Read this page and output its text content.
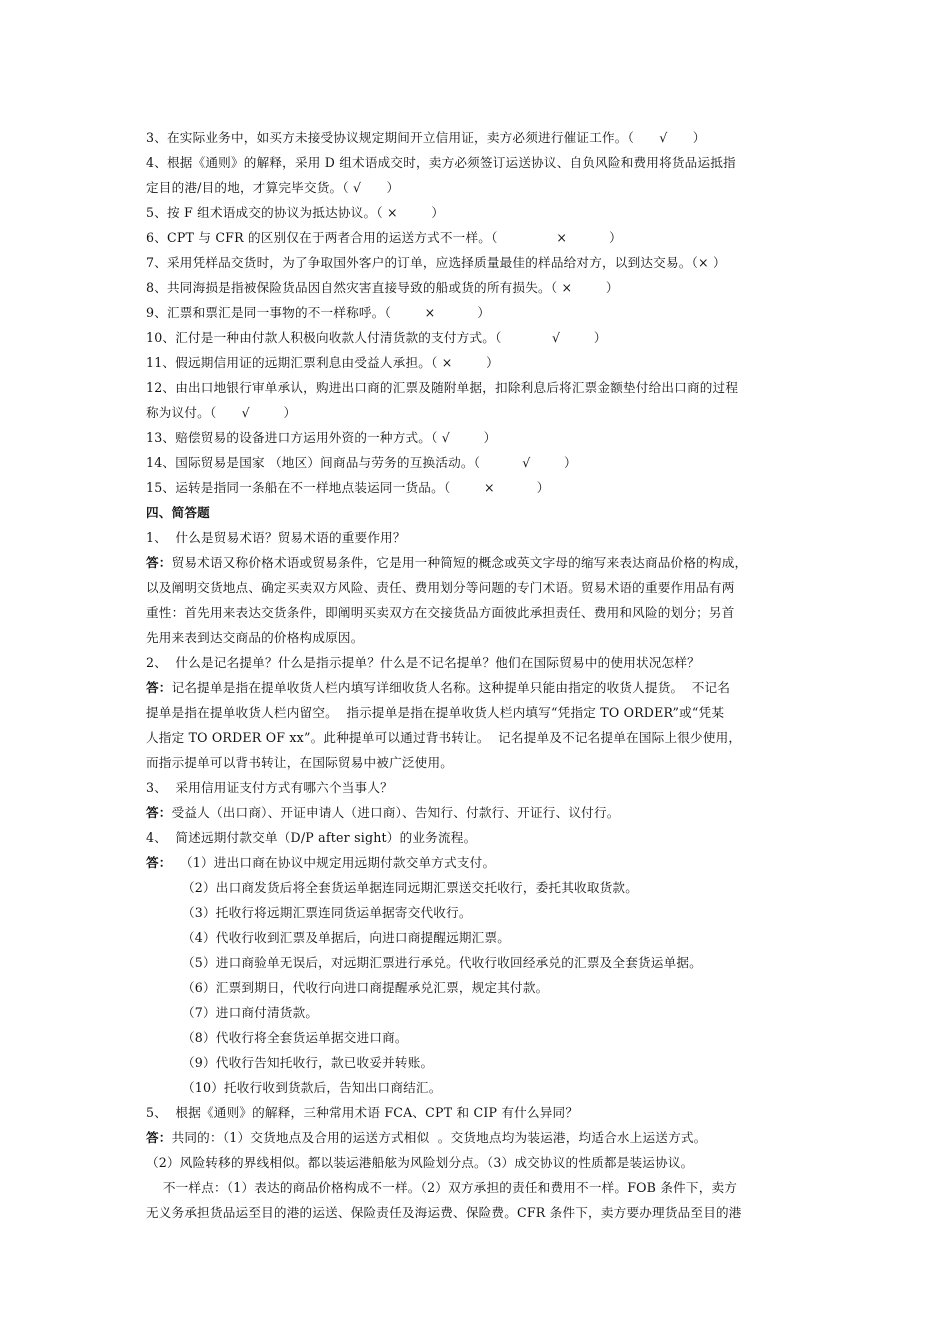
3、在实际业务中，如买方未接受协议规定期间开立信用证，卖方必须进行催证工作。（      √      ）
4、根据《通则》的解释，采用 D 组术语成交时，卖方必须签订运送协议、自负风险和费用将货品运抵指
定目的港/目的地，才算完毕交货。（ √      ）
5、按 F 组术语成交的协议为抵达协议。（ ×        ）
6、CPT 与 CFR 的区别仅在于两者合用的运送方式不一样。（              ×          ）
7、采用凭样品交货时，为了争取国外客户的订单，应选择质量最佳的样品给对方，以到达交易。（× ）
8、共同海损是指被保险货品因自然灾害直接导致的船或货的所有损失。（ ×        ）
9、汇票和票汇是同一事物的不一样称呼。（        ×          ）
10、汇付是一种由付款人积极向收款人付清货款的支付方式。（            √        ）
11、假远期信用证的远期汇票利息由受益人承担。（ ×        ）
12、由出口地银行审单承认，购进出口商的汇票及随附单据，扣除利息后将汇票金额垫付给出口商的过程
称为议付。（      √        ）
13、赔偿贸易的设备进口方运用外资的一种方式。（ √        ）
14、国际贸易是国家 （地区）间商品与劳务的互换活动。（          √        ）
15、运转是指同一条船在不一样地点装运同一货品。（        ×          ）
四、简答题
1、  什么是贸易术语？贸易术语的重要作用？
答：贸易术语又称价格术语或贸易条件，它是用一种简短的概念或英文字母的缩写来表达商品价格的构成，
以及阐明交货地点、确定买卖双方风险、责任、费用划分等问题的专门术语。贸易术语的重要作用品有两
重性：首先用来表达交货条件，即阐明买卖双方在交接货品方面彼此承担责任、费用和风险的划分；另首
先用来表到达交商品的价格构成原因。
2、  什么是记名提单？什么是指示提单？什么是不记名提单？他们在国际贸易中的使用状况怎样？
答：记名提单是指在提单收货人栏内填写详细收货人名称。这种提单只能由指定的收货人提货。  不记名
提单是指在提单收货人栏内留空。  指示提单是指在提单收货人栏内填写“凭指定 TO ORDER”或“凭某
人指定 TO ORDER OF xx”。此种提单可以通过背书转让。  记名提单及不记名提单在国际上很少使用，
而指示提单可以背书转让，在国际贸易中被广泛使用。
3、  采用信用证支付方式有哪六个当事人？
答：受益人（出口商）、开证申请人（进口商）、告知行、付款行、开证行、议付行。
4、  简述远期付款交单（D/P after sight）的业务流程。
答：  （1）进出口商在协议中规定用远期付款交单方式支付。
（2）出口商发货后将全套货运单据连同远期汇票送交托收行，委托其收取货款。
（3）托收行将远期汇票连同货运单据寄交代收行。
（4）代收行收到汇票及单据后，向进口商提醒远期汇票。
（5）进口商验单无误后，对远期汇票进行承兑。代收行收回经承兑的汇票及全套货运单据。
（6）汇票到期日，代收行向进口商提醒承兑汇票，规定其付款。
（7）进口商付清货款。
（8）代收行将全套货运单据交进口商。
（9）代收行告知托收行，款已收妥并转账。
（10）托收行收到货款后，告知出口商结汇。
5、  根据《通则》的解释，三种常用术语 FCA、CPT 和 CIP 有什么异同？
答：共同的：（1）交货地点及合用的运送方式相似  。交货地点均为装运港，均适合水上运送方式。
（2）风险转移的界线相似。都以装运港船舷为风险划分点。（3）成交协议的性质都是装运协议。
不一样点：（1）表达的商品价格构成不一样。（2）双方承担的责任和费用不一样。FOB 条件下，卖方
无义务承担货品运至目的港的运送、保险责任及海运费、保险费。CFR 条件下，卖方要办理货品至目的港
